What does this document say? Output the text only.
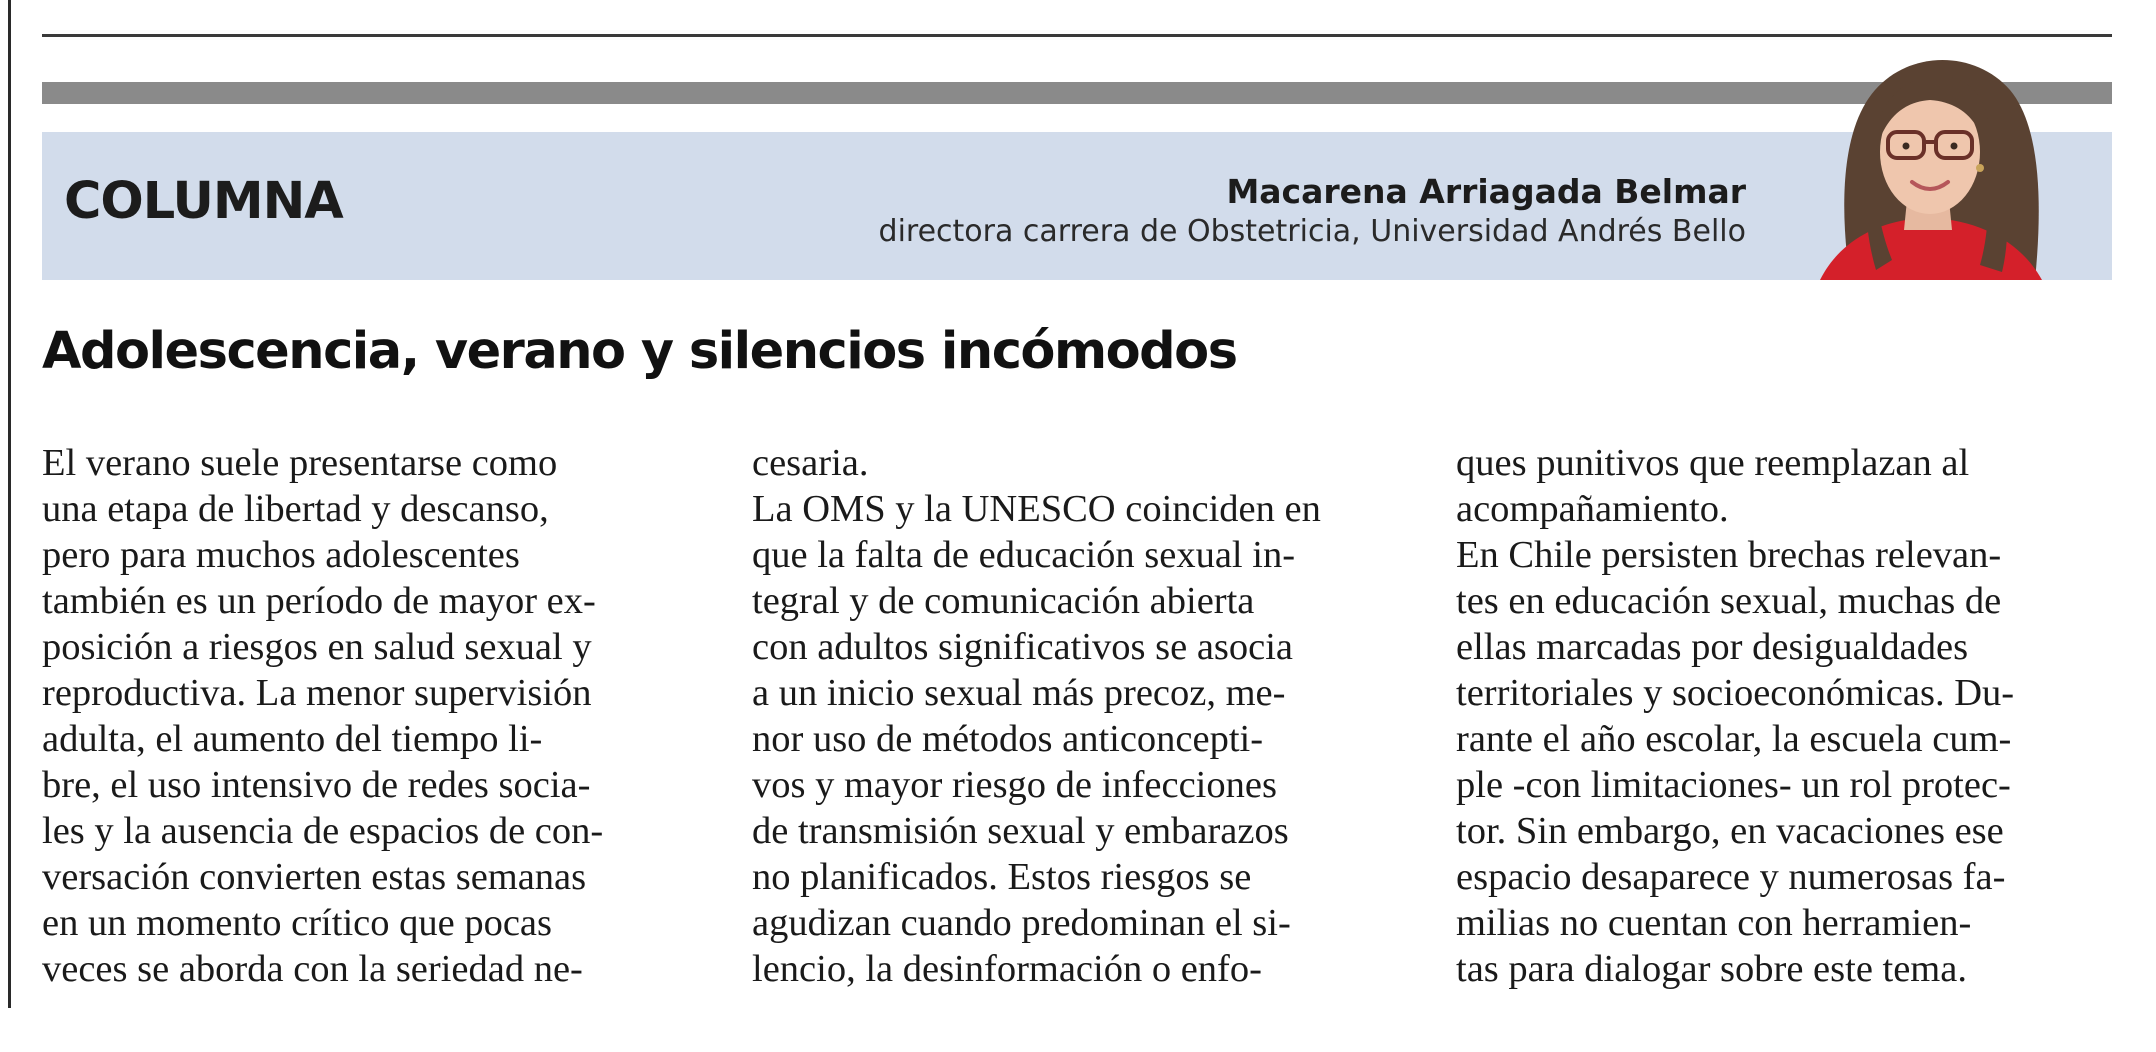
COLUMNA	Macarena Arriagada Belmar
directora carrera de Obstetricia, Universidad Andrés Bello
Adolescencia, verano y silencios incómodos
El verano suele presentarse como
una etapa de libertad y descanso,
pero para muchos adolescentes
también es un período de mayor ex-
posición a riesgos en salud sexual y
reproductiva. La menor supervisión
adulta, el aumento del tiempo li-
bre, el uso intensivo de redes socia-
les y la ausencia de espacios de con-
versación convierten estas semanas
en un momento crítico que pocas
veces se aborda con la seriedad ne-
cesaria.
La OMS y la UNESCO coinciden en
que la falta de educación sexual in-
tegral y de comunicación abierta
con adultos significativos se asocia
a un inicio sexual más precoz, me-
nor uso de métodos anticoncepti-
vos y mayor riesgo de infecciones
de transmisión sexual y embarazos
no planificados. Estos riesgos se
agudizan cuando predominan el si-
lencio, la desinformación o enfo-
ques punitivos que reemplazan al
acompañamiento.
En Chile persisten brechas relevan-
tes en educación sexual, muchas de
ellas marcadas por desigualdades
territoriales y socioeconómicas. Du-
rante el año escolar, la escuela cum-
ple -con limitaciones- un rol protec-
tor. Sin embargo, en vacaciones ese
espacio desaparece y numerosas fa-
milias no cuentan con herramien-
tas para dialogar sobre este tema.
